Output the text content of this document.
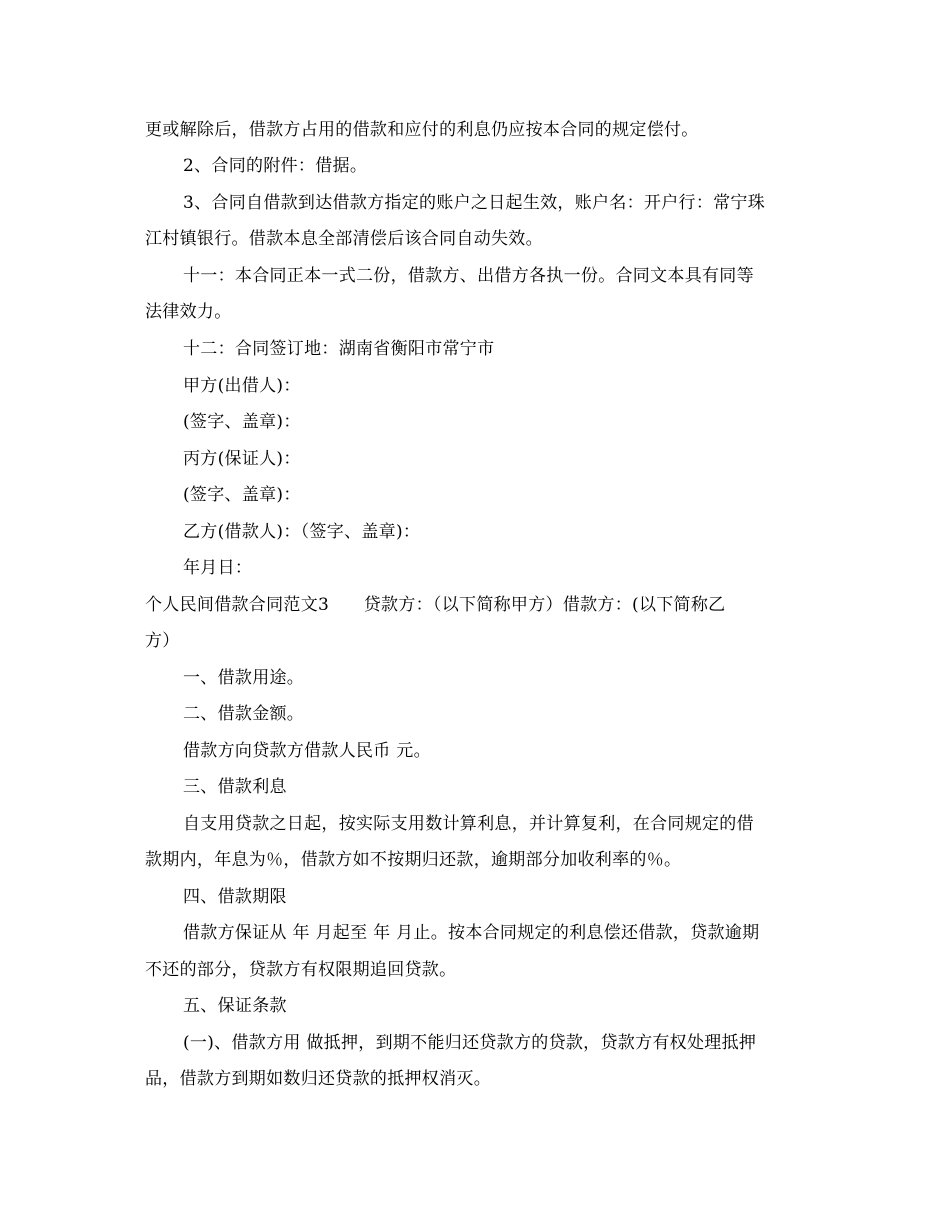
更或解除后，借款方占用的借款和应付的利息仍应按本合同的规定偿付。
2、合同的附件：借据。
3、合同自借款到达借款方指定的账户之日起生效，账户名：开户行：常宁珠
江村镇银行。借款本息全部清偿后该合同自动失效。
十一：本合同正本一式二份，借款方、出借方各执一份。合同文本具有同等
法律效力。
十二：合同签订地：湖南省衡阳市常宁市
甲方(出借人)：
(签字、盖章)：
丙方(保证人)：
(签字、盖章)：
乙方(借款人)：（签字、盖章)：
年月日：
个人民间借款合同范文3　　贷款方：（以下简称甲方）借款方：(以下简称乙
方）
一、借款用途。
二、借款金额。
借款方向贷款方借款人民币 元。
三、借款利息
自支用贷款之日起，按实际支用数计算利息，并计算复利，在合同规定的借
款期内，年息为％，借款方如不按期归还款，逾期部分加收利率的％。
四、借款期限
借款方保证从 年 月起至 年 月止。按本合同规定的利息偿还借款，贷款逾期
不还的部分，贷款方有权限期追回贷款。
五、保证条款
(一)、借款方用 做抵押，到期不能归还贷款方的贷款，贷款方有权处理抵押
品，借款方到期如数归还贷款的抵押权消灭。
